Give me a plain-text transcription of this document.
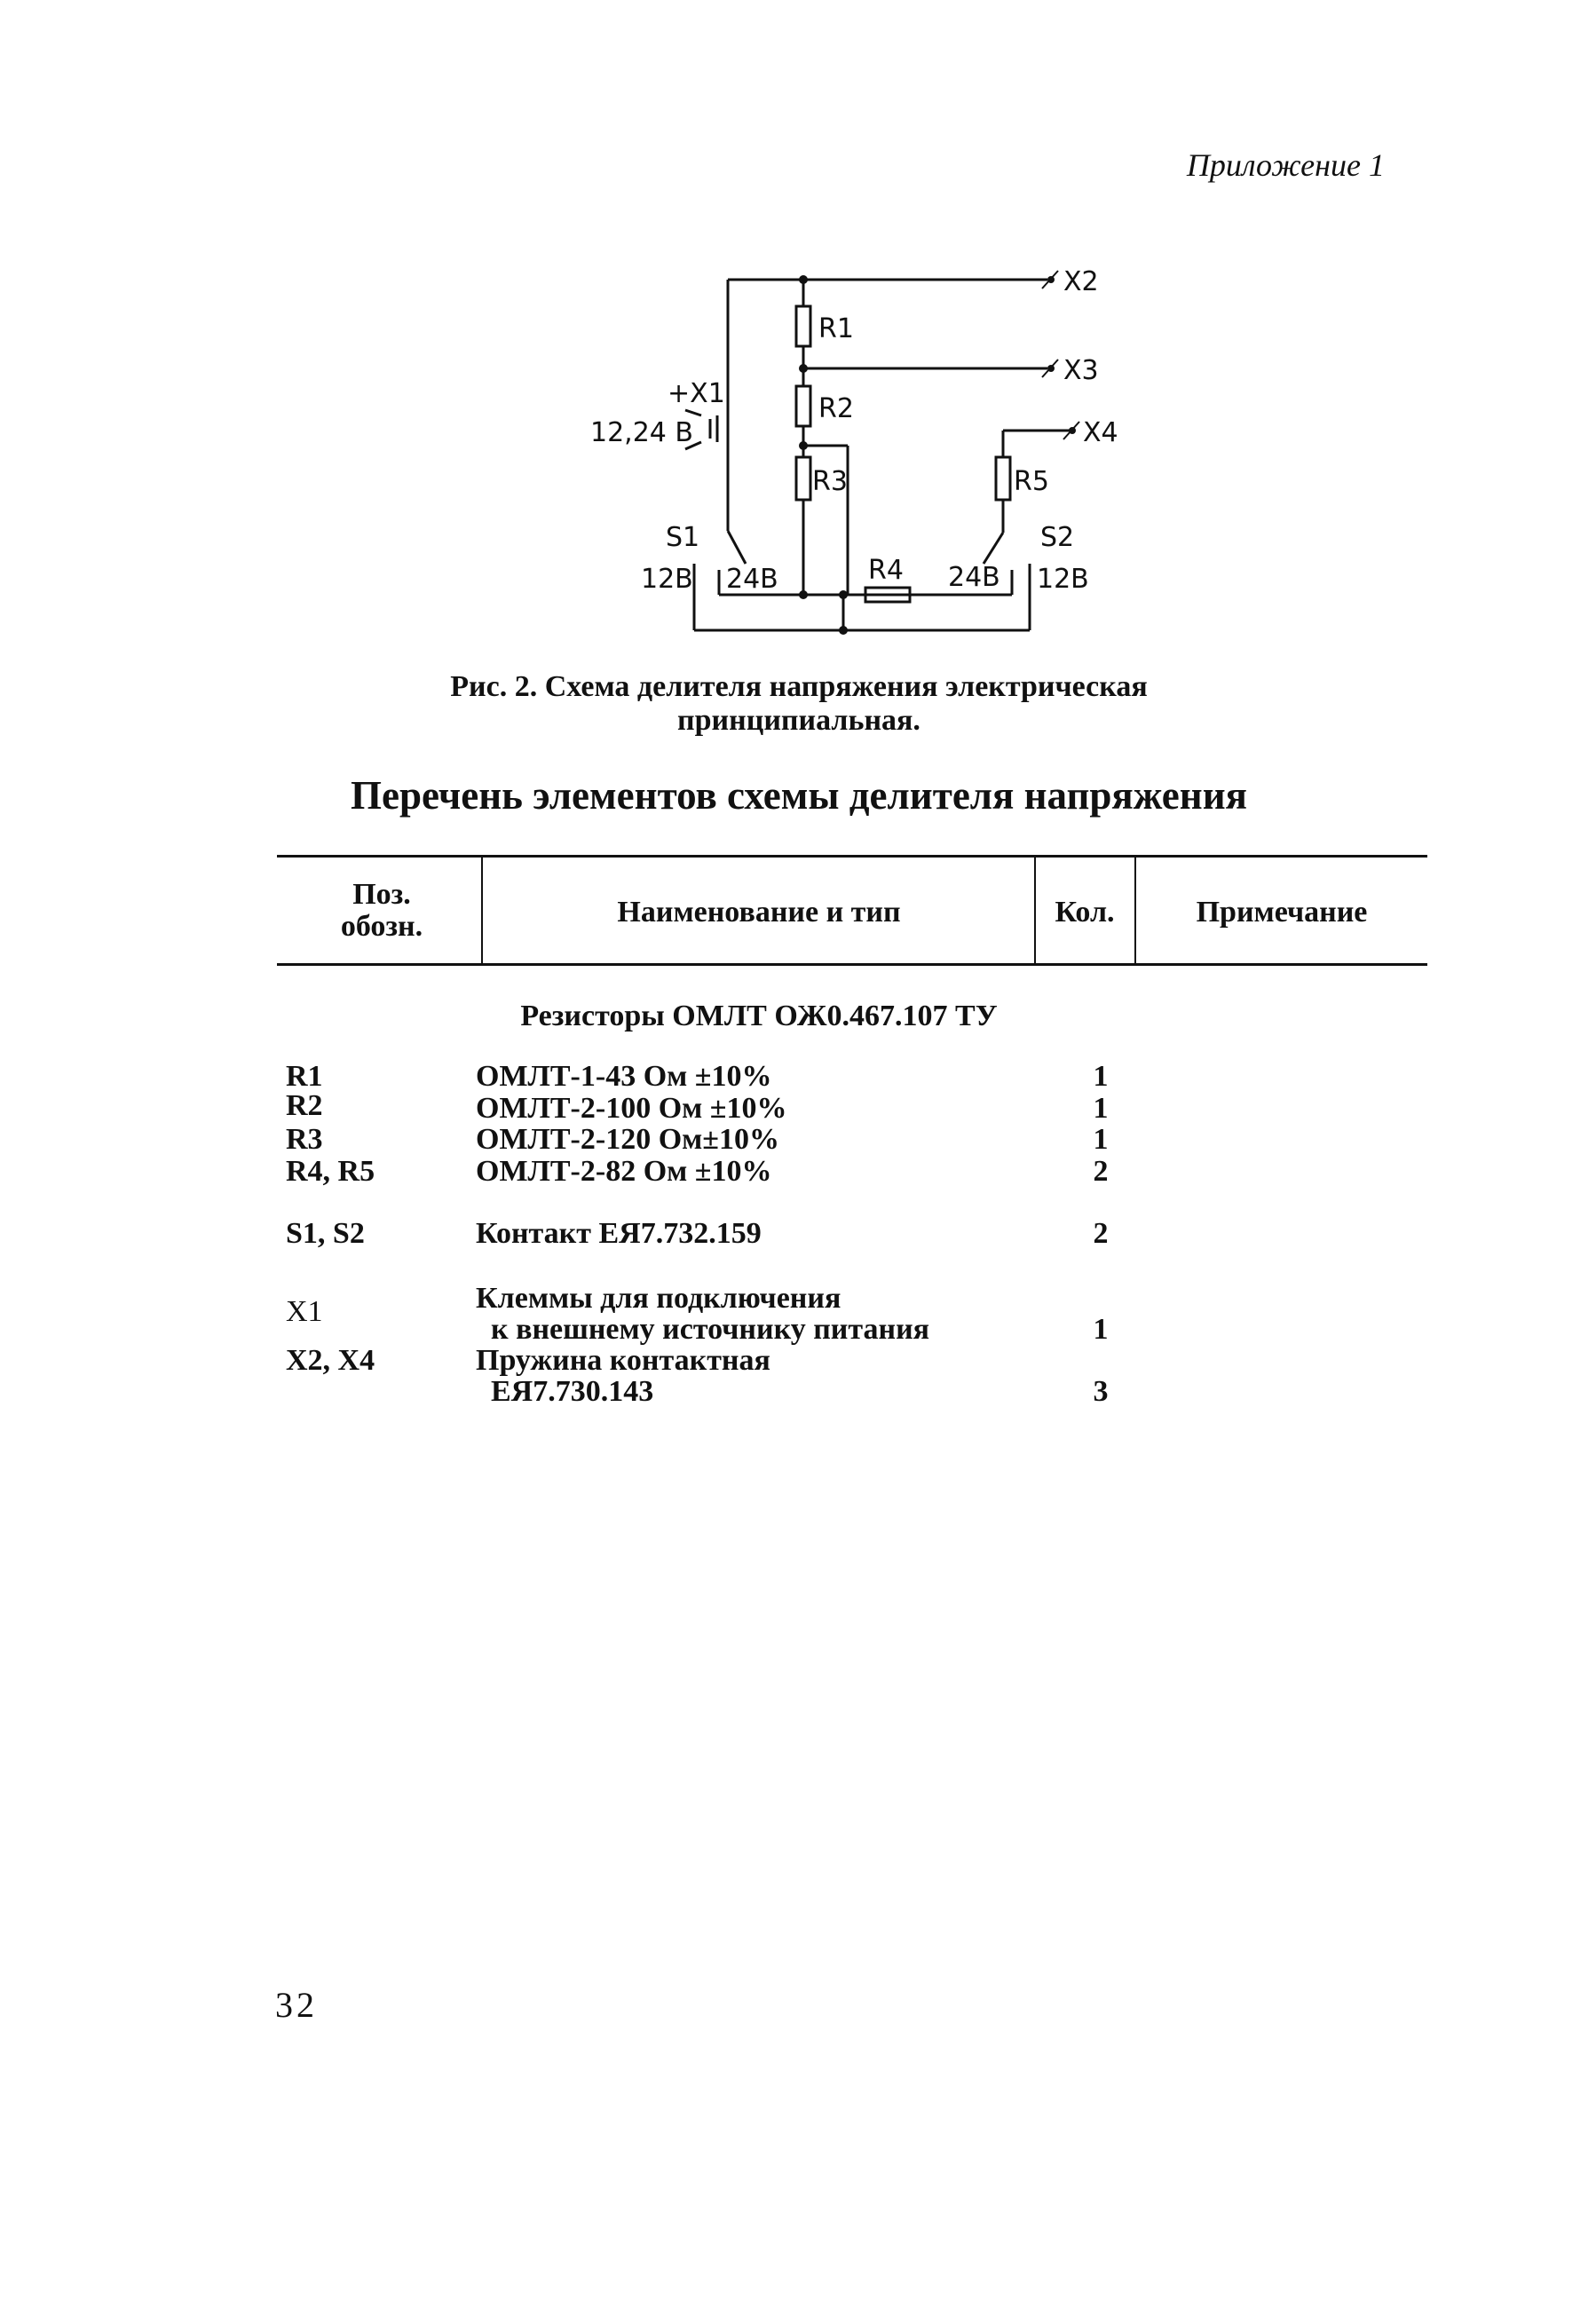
Приложение 1
X2
X3
X4
R1
R2
R3	R5
R4
+X1
12,24 В
S1
12В 24В
S2
24В 12В
Рис. 2. Схема делителя напряжения электрическая
принципиальная.
Перечень элементов схемы делителя напряжения
Поз.
обозн.	Наименование и тип	Кол.	Примечание
Резисторы ОМЛТ ОЖ0.467.107 ТУ
R1	ОМЛТ-1-43 Ом ±10%	1
R2	ОМЛТ-2-100 Ом ±10%	1
R3	ОМЛТ-2-120 Ом±10%	1
R4, R5	ОМЛТ-2-82 Ом ±10%	2
S1, S2	Контакт ЕЯ7.732.159	2
X1	Клеммы для подключения
к внешнему источнику питания	1
X2, X4	Пружина контактная
ЕЯ7.730.143	3
32
